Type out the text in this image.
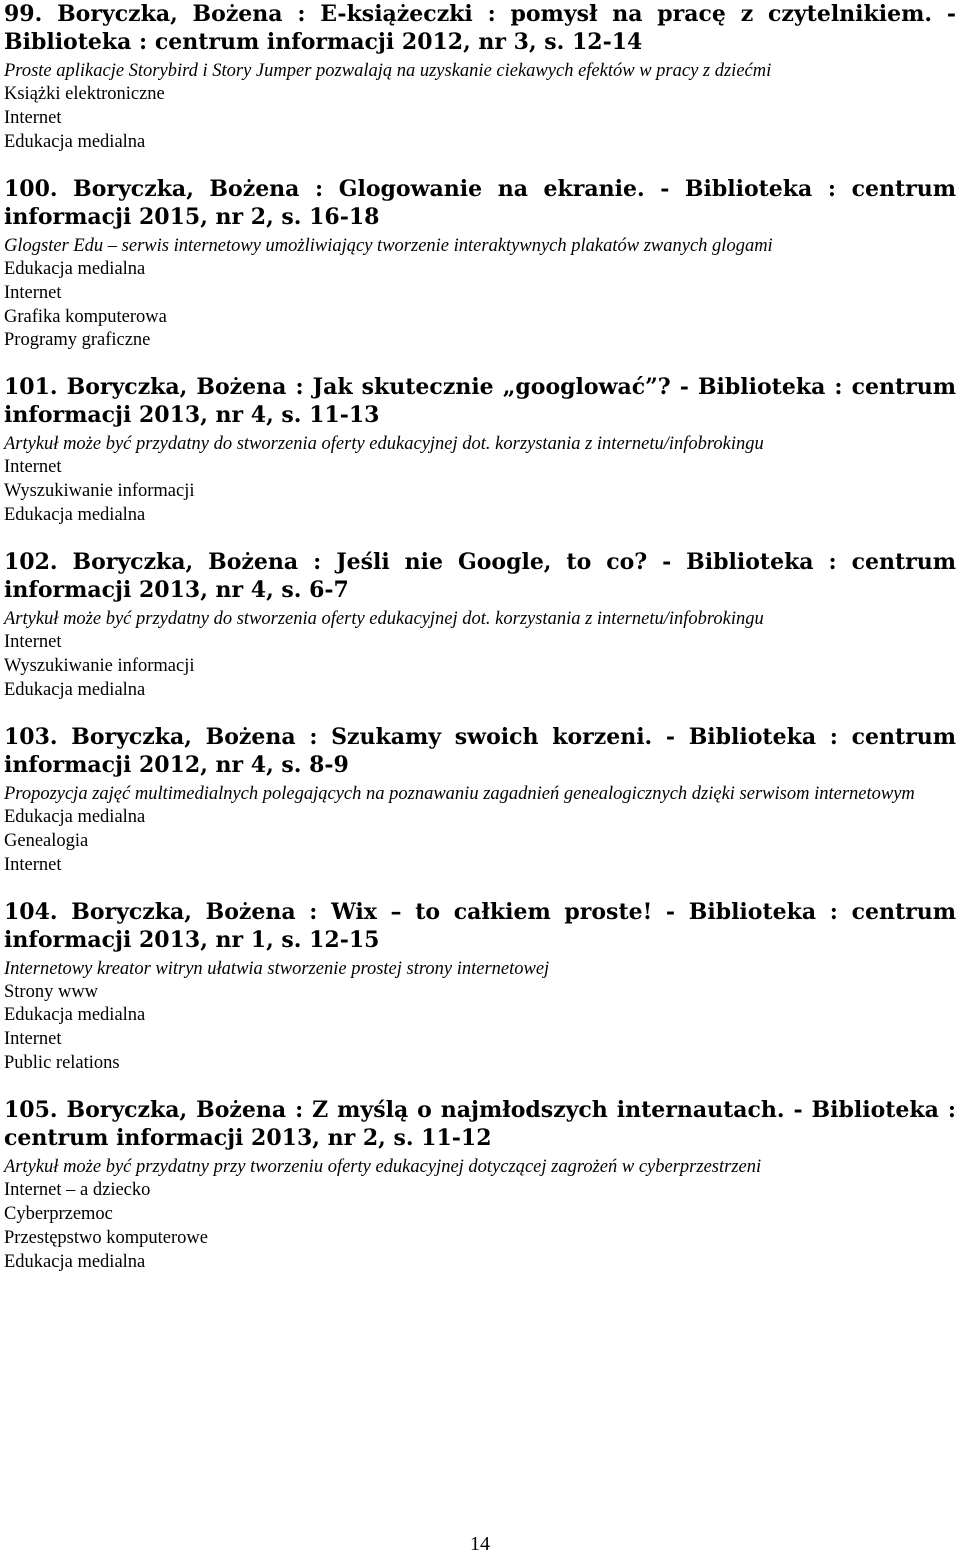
99. Boryczka, Bożena : E-książeczki : pomysł na pracę z czytelnikiem. - Biblioteka : centrum informacji 2012, nr 3, s. 12-14
Proste aplikacje Storybird i Story Jumper pozwalają na uzyskanie ciekawych efektów w pracy z dziećmi
Książki elektroniczne
Internet
Edukacja medialna
100. Boryczka, Bożena : Glogowanie na ekranie. - Biblioteka : centrum informacji 2015, nr 2, s. 16-18
Glogster Edu – serwis internetowy umożliwiający tworzenie interaktywnych plakatów zwanych glogami
Edukacja medialna
Internet
Grafika komputerowa
Programy graficzne
101. Boryczka, Bożena : Jak skutecznie „googlować”? - Biblioteka : centrum informacji 2013, nr 4, s. 11-13
Artykuł może być przydatny do stworzenia oferty edukacyjnej dot. korzystania z internetu/infobrokingu
Internet
Wyszukiwanie informacji
Edukacja medialna
102. Boryczka, Bożena : Jeśli nie Google, to co? - Biblioteka : centrum informacji 2013, nr 4, s. 6-7
Artykuł może być przydatny do stworzenia oferty edukacyjnej dot. korzystania z internetu/infobrokingu
Internet
Wyszukiwanie informacji
Edukacja medialna
103. Boryczka, Bożena : Szukamy swoich korzeni. - Biblioteka : centrum informacji 2012, nr 4, s. 8-9
Propozycja zajęć multimedialnych polegających na poznawaniu zagadnień genealogicznych dzięki serwisom internetowym
Edukacja medialna
Genealogia
Internet
104. Boryczka, Bożena : Wix – to całkiem proste! - Biblioteka : centrum informacji 2013, nr 1, s. 12-15
Internetowy kreator witryn ułatwia stworzenie prostej strony internetowej
Strony www
Edukacja medialna
Internet
Public relations
105. Boryczka, Bożena : Z myślą o najmłodszych internautach. - Biblioteka : centrum informacji 2013, nr 2, s. 11-12
Artykuł może być przydatny przy tworzeniu oferty edukacyjnej dotyczącej zagrożeń w cyberprzestrzeni
Internet – a dziecko
Cyberprzemoc
Przestępstwo komputerowe
Edukacja medialna
14
